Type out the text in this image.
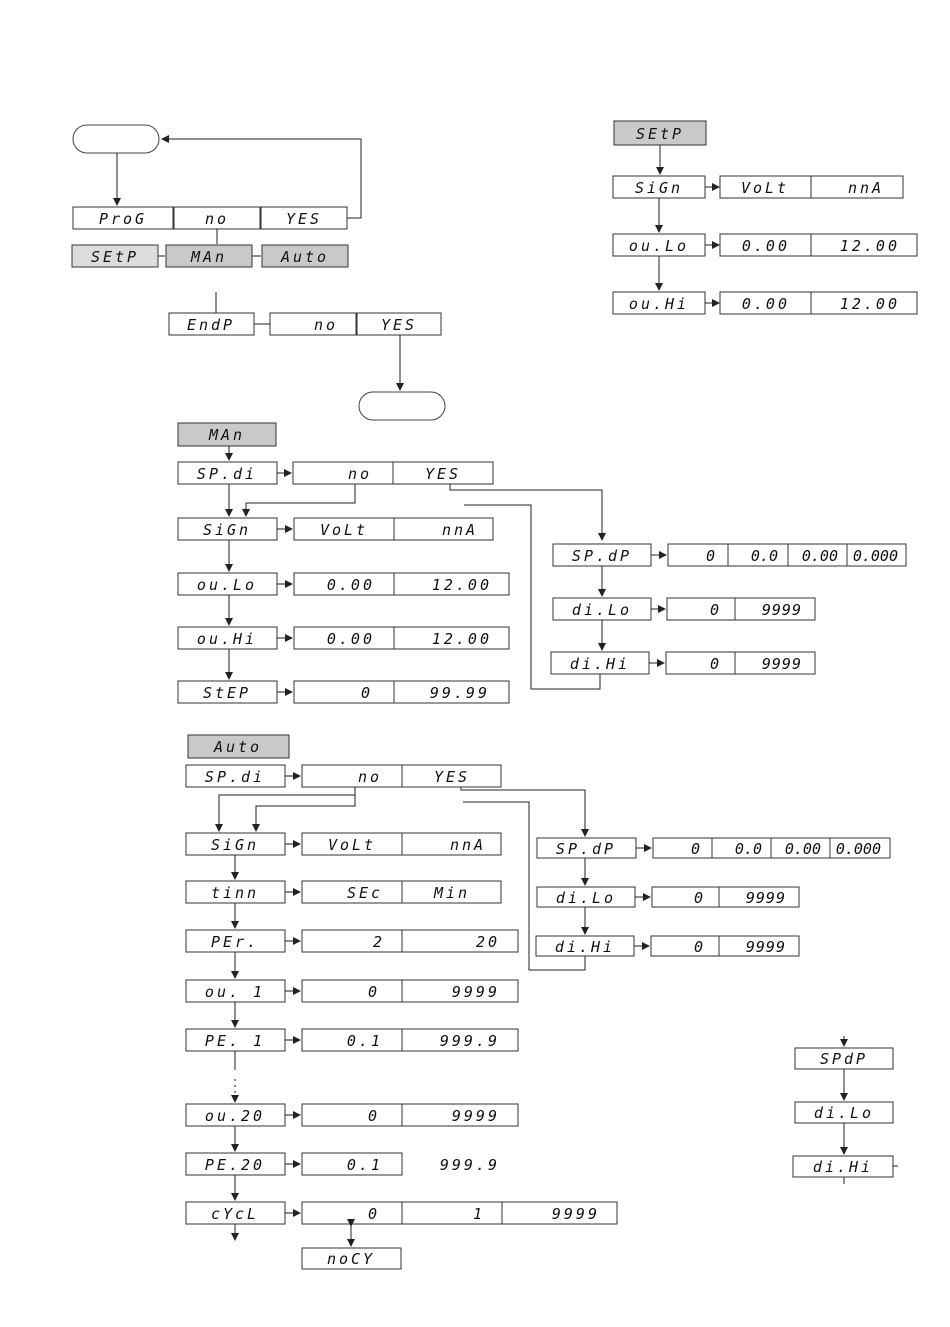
ProG	no	YES
SEtP	MAn	Auto
EndP	no	YES
SEtP
SiGn	VoLt	nnA
ou.Lo	0.00	12.00
ou.Hi	0.00	12.00
MAn
SP.di	no	YES
SiGn	VoLt	nnA
ou.Lo	0.00	12.00
ou.Hi	0.00	12.00
StEP	0	99.99
SP.dP	0 0.0 0.00 0.000
di.Lo	0	9999
di.Hi	0	9999
Auto
SP.di	no	YES
SiGn	VoLt	nnA
tinn	SEc	Min
PEr.	2	20
ou. 1	0	9999
PE. 1	0.1	999.9
ou.20	0	9999
PE.20	0.1	999.9
cYcL	0	1	9999
noCY
SP.dP	0 0.0 0.00 0.000
di.Lo	0	9999
di.Hi	0	9999
SPdP
di.Lo
di.Hi
